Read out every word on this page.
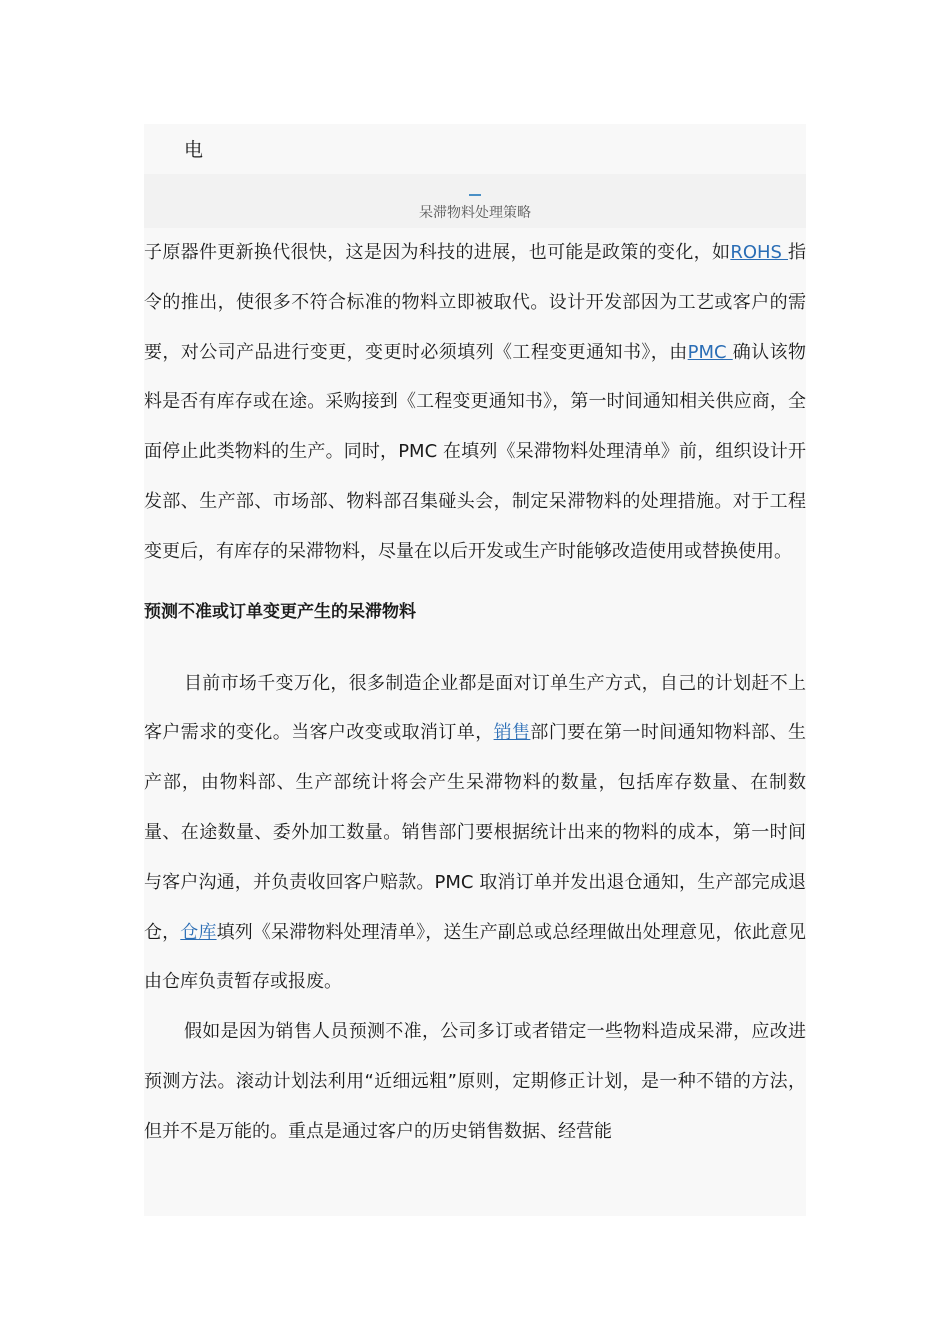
电
呆滞物料处理策略

子原器件更新换代很快，这是因为科技的进展，也可能是政策的变化，如ROHS 指令的推出，使很多不符合标准的物料立即被取代。设计开发部因为工艺或客户的需要，对公司产品进行变更，变更时必须填列《工程变更通知书》，由PMC 确认该物料是否有库存或在途。采购接到《工程变更通知书》，第一时间通知相关供应商，全面停止此类物料的生产。同时，PMC 在填列《呆滞物料处理清单》前，组织设计开发部、生产部、市场部、物料部召集碰头会，制定呆滞物料的处理措施。对于工程变更后，有库存的呆滞物料，尽量在以后开发或生产时能够改造使用或替换使用。

预测不准或订单变更产生的呆滞物料

目前市场千变万化，很多制造企业都是面对订单生产方式，自己的计划赶不上客户需求的变化。当客户改变或取消订单，销售部门要在第一时间通知物料部、生产部，由物料部、生产部统计将会产生呆滞物料的数量，包括库存数量、在制数量、在途数量、委外加工数量。销售部门要根据统计出来的物料的成本，第一时间与客户沟通，并负责收回客户赔款。PMC 取消订单并发出退仓通知，生产部完成退仓，仓库填列《呆滞物料处理清单》，送生产副总或总经理做出处理意见，依此意见由仓库负责暂存或报废。

假如是因为销售人员预测不准，公司多订或者错定一些物料造成呆滞，应改进预测方法。滚动计划法利用“近细远粗”原则，定期修正计划，是一种不错的方法，但并不是万能的。重点是通过客户的历史销售数据、经营能
